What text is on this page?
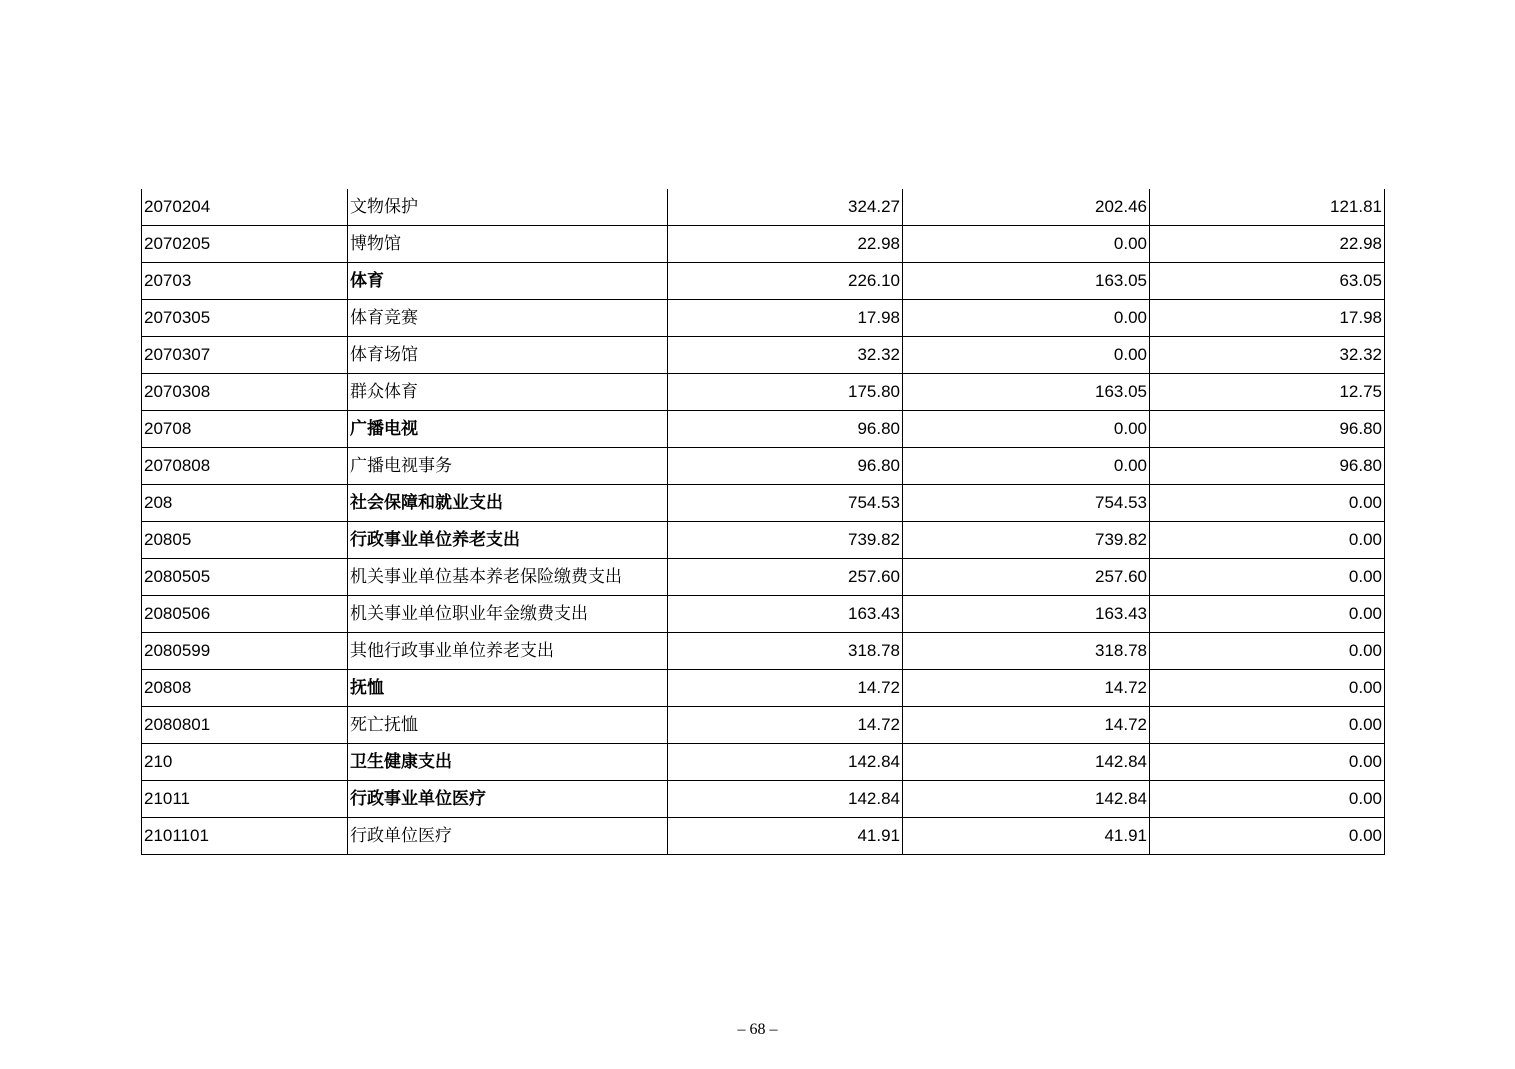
2070204	文物保护	324.27	202.46	121.81
2070205	博物馆	22.98	0.00	22.98
20703	体育	226.10	163.05	63.05
2070305	体育竞赛	17.98	0.00	17.98
2070307	体育场馆	32.32	0.00	32.32
2070308	群众体育	175.80	163.05	12.75
20708	广播电视	96.80	0.00	96.80
2070808	广播电视事务	96.80	0.00	96.80
208	社会保障和就业支出	754.53	754.53	0.00
20805	行政事业单位养老支出	739.82	739.82	0.00
2080505	机关事业单位基本养老保险缴费支出	257.60	257.60	0.00
2080506	机关事业单位职业年金缴费支出	163.43	163.43	0.00
2080599	其他行政事业单位养老支出	318.78	318.78	0.00
20808	抚恤	14.72	14.72	0.00
2080801	死亡抚恤	14.72	14.72	0.00
210	卫生健康支出	142.84	142.84	0.00
21011	行政事业单位医疗	142.84	142.84	0.00
2101101	行政单位医疗	41.91	41.91	0.00
– 68 –
